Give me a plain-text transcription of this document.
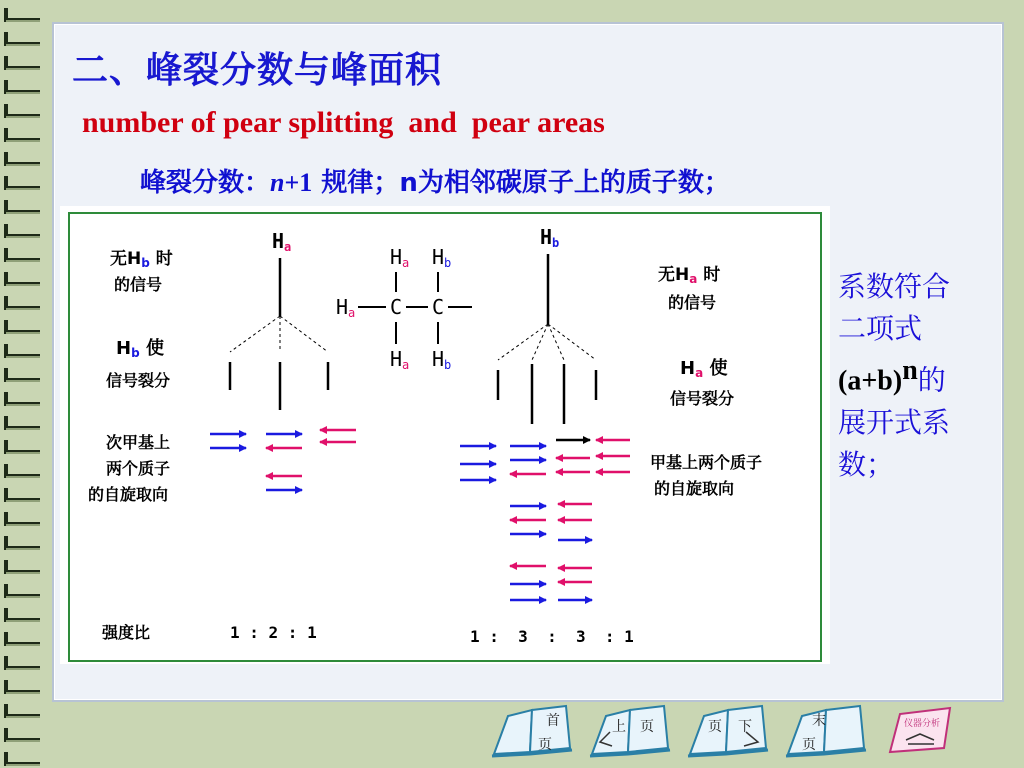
二、峰裂分数与峰面积
number of pear splitting  and  pear areas
峰裂分数：n+1 规律；n为相邻碳原子上的质子数；
无Hb 时
的信号
Hb 使
信号裂分
次甲基上
两个质子
的自旋取向
强度比	1 : 2 : 1
Ha	Ha Hb
Ha C C
Ha Hb
Hb
无Ha 时
的信号
Ha 使
信号裂分
甲基上两个质子
的自旋取向
1 :  3  :  3  : 1
系数符合
二项式
$(a+b)^n$的
展开式系
数；
首
页
上 页	页 下	末
页
仪器分析
